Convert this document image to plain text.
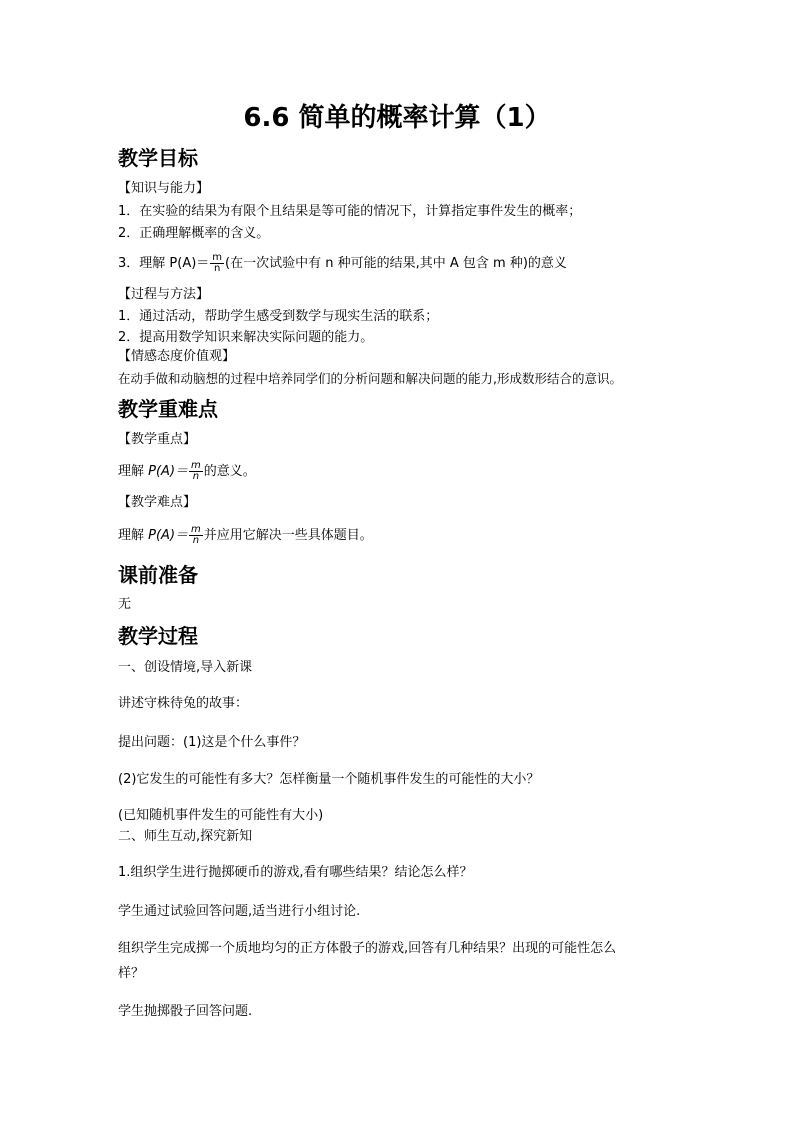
6.6 简单的概率计算（1）
教学目标
【知识与能力】
1．在实验的结果为有限个且结果是等可能的情况下，计算指定事件发生的概率；
2．正确理解概率的含义。
3．理解 $P(A)= \frac{m}{n}$ (在一次试验中有 n 种可能的结果,其中 A 包含 m 种)的意义
【过程与方法】
1．通过活动，帮助学生感受到数学与现实生活的联系；
2．提高用数学知识来解决实际问题的能力。
【情感态度价值观】
在动手做和动脑想的过程中培养同学们的分析问题和解决问题的能力,形成数形结合的意识。
教学重难点
【教学重点】
理解 $P(A)= \frac{m}{n}$ 的意义。
【教学难点】
理解 $P(A)= \frac{m}{n}$ 并应用它解决一些具体题目。
课前准备
无
教学过程
一、创设情境,导入新课
讲述守株待兔的故事：
提出问题：(1)这是个什么事件？
(2)它发生的可能性有多大？怎样衡量一个随机事件发生的可能性的大小？
(已知随机事件发生的可能性有大小)
二、师生互动,探究新知
1.组织学生进行抛掷硬币的游戏,看有哪些结果？结论怎么样？
学生通过试验回答问题,适当进行小组讨论.
组织学生完成掷一个质地均匀的正方体骰子的游戏,回答有几种结果？出现的可能性怎么
样？
学生抛掷骰子回答问题.
